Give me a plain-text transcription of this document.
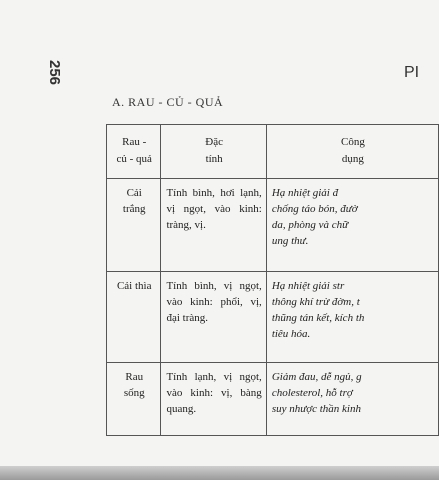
256	PI
A. RAU - CỦ - QUẢ
Rau -
củ - quả	Đặc
tính	Công
dụng
Cải
trắng	Tính bình, hơi lạnh, vị ngọt, vào kinh: tràng, vị.	Hạ nhiệt giải đ
chống táo bón, đườ
da, phòng và chữ
ung thư.
Cải thìa	Tính bình, vị ngọt, vào kinh: phổi, vị, đại tràng.	Hạ nhiệt giải str
thông khí trừ đờm, t
thũng tán kết, kích th
tiêu hóa.
Rau
sống	Tính lạnh, vị ngọt, vào kinh: vị, bàng quang.	Giảm đau, dễ ngủ, g
cholesterol, hỗ trợ
suy nhược thần kinh
